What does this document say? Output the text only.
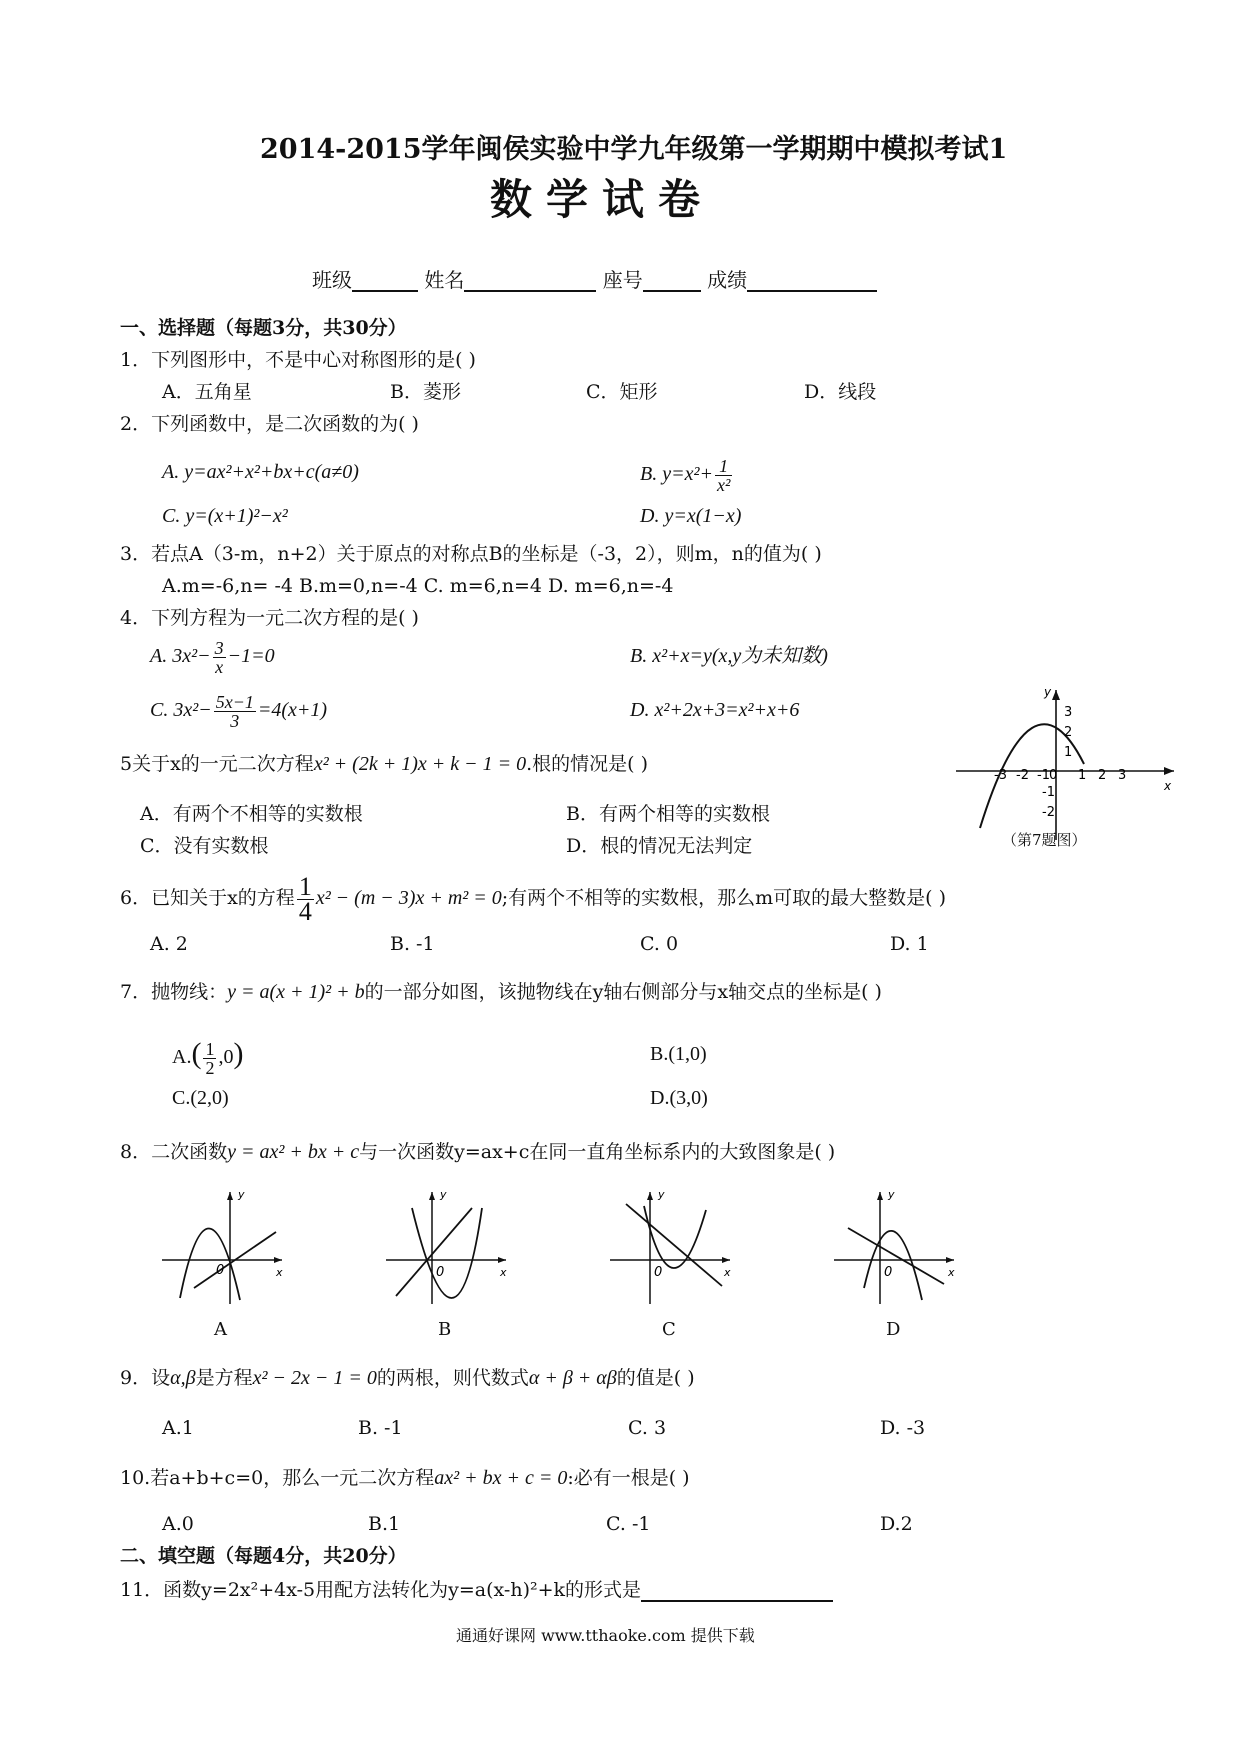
2014-2015学年闽侯实验中学九年级第一学期期中模拟考试1
数学试卷
班级	姓名	座号	成绩
一、选择题（每题3分，共30分）
1．下列图形中，不是中心对称图形的是( )
A．五角星	B．菱形	C．矩形	D．线段
2．下列函数中，是二次函数的为( )
A. y=ax²+x²+bx+c(a≠0)	B. $y=x^2+ \frac{1}{\text{x²}}$
C. y=(x+1)²−x²	D. y=x(1−x)
3．若点A（3-m，n+2）关于原点的对称点B的坐标是（-3，2），则m，n的值为( )
A.m=-6,n= -4 B.m=0,n=-4 C. m=6,n=4 D. m=6,n=-4
4．下列方程为一元二次方程的是( )
A. $3x^2- \frac{3}{x} -1=0$	B. x²+x=y(x,y为未知数)
C. $3x^2- \frac{5x-1}{3} =4(x+1)$	D. x²+2x+3=x²+x+6
y
x
-3 -2 -1 0 1 2 3
3
2
1
-1
-2
（第7题图）
5关于x的一元二次方程x² + (2k + 1)x + k − 1 = 0.根的情况是( )
A．有两个不相等的实数根	B．有两个相等的实数根
C．没有实数根	D．根的情况无法判定
6．已知关于x的方程 $\frac{1}{4} x^2 - (m - 3)x + m^2 = 0$;有两个不相等的实数根，那么m可取的最大整数是( )
A. 2	B. -1	C. 0	D. 1
7．抛物线：y = a(x + 1)² + b的一部分如图，该抛物线在y轴右侧部分与x轴交点的坐标是( )
$A.( \frac{1}{2} ,0)$	B.(1,0)
C.(2,0)	D.(3,0)
8．二次函数y = ax² + bx + c与一次函数y=ax+c在同一直角坐标系内的大致图象是( )
y
x
0
A
y
x
0
B
y
x
0
C
y
x
0
D
9．设α,β是方程x² − 2x − 1 = 0的两根，则代数式α + β + αβ的值是( )
A.1	B. -1	C. 3	D. -3
10.若a+b+c=0，那么一元二次方程ax² + bx + c = 0:必有一根是( )
A.0	B.1	C. -1	D.2
二、填空题（每题4分，共20分）
11．函数y=2x²+4x-5用配方法转化为y=a(x-h)²+k的形式是
通通好课网 www.tthaoke.com 提供下载
